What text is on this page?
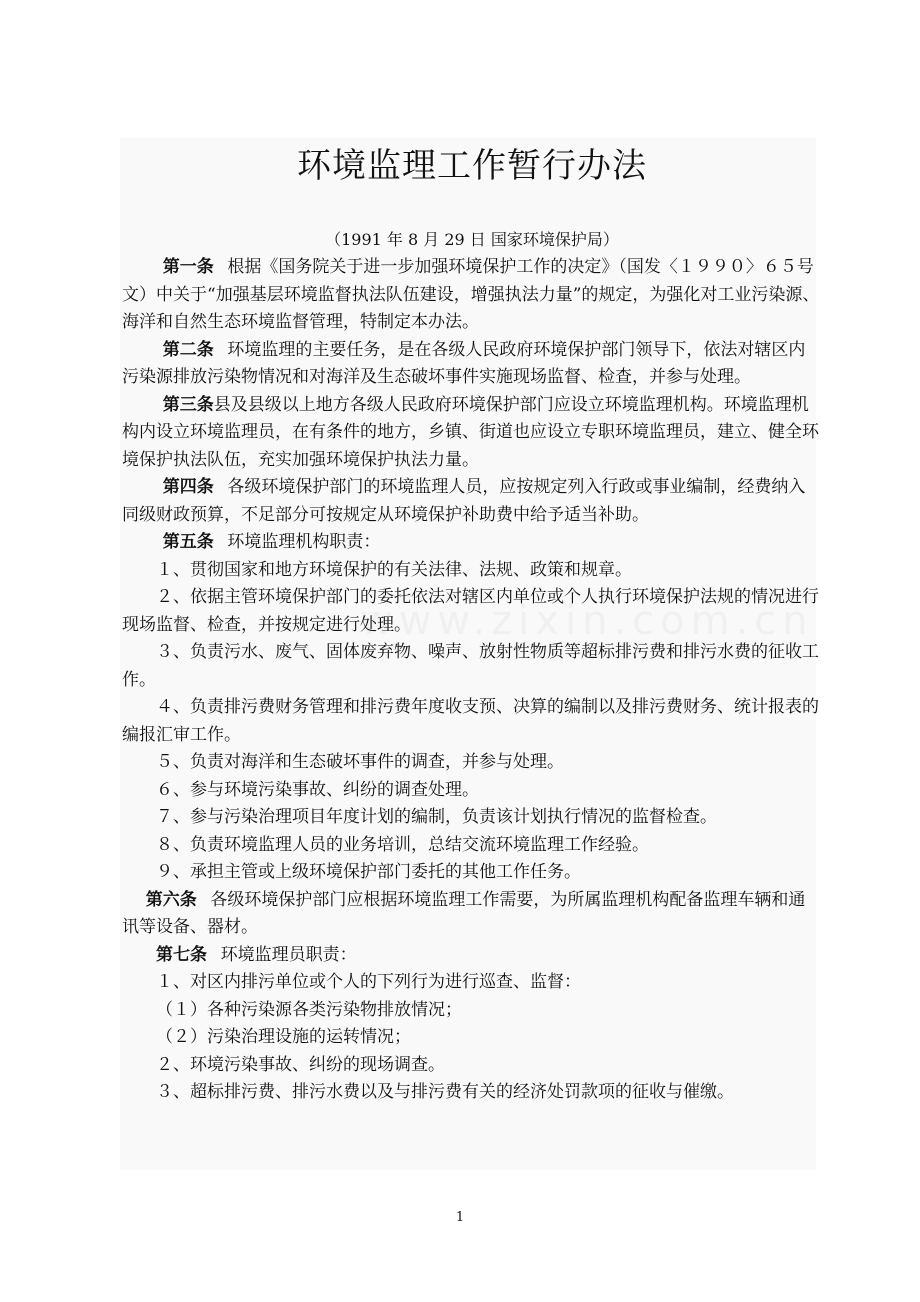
环境监理工作暂行办法
（1991 年 8 月 29 日 国家环境保护局）

第一条 根据《国务院关于进一步加强环境保护工作的决定》（国发〈１９９０〉６５号文）中关于“加强基层环境监督执法队伍建设，增强执法力量”的规定，为强化对工业污染源、海洋和自然生态环境监督管理，特制定本办法。

第二条 环境监理的主要任务，是在各级人民政府环境保护部门领导下，依法对辖区内污染源排放污染物情况和对海洋及生态破坏事件实施现场监督、检查，并参与处理。

第三条县及县级以上地方各级人民政府环境保护部门应设立环境监理机构。环境监理机构内设立环境监理员，在有条件的地方，乡镇、街道也应设立专职环境监理员，建立、健全环境保护执法队伍，充实加强环境保护执法力量。

第四条 各级环境保护部门的环境监理人员，应按规定列入行政或事业编制，经费纳入同级财政预算，不足部分可按规定从环境保护补助费中给予适当补助。

第五条 环境监理机构职责：

１、贯彻国家和地方环境保护的有关法律、法规、政策和规章。

２、依据主管环境保护部门的委托依法对辖区内单位或个人执行环境保护法规的情况进行现场监督、检查，并按规定进行处理。

３、负责污水、废气、固体废弃物、噪声、放射性物质等超标排污费和排污水费的征收工作。

４、负责排污费财务管理和排污费年度收支预、决算的编制以及排污费财务、统计报表的编报汇审工作。

５、负责对海洋和生态破坏事件的调查，并参与处理。

６、参与环境污染事故、纠纷的调查处理。

７、参与污染治理项目年度计划的编制，负责该计划执行情况的监督检查。

８、负责环境监理人员的业务培训，总结交流环境监理工作经验。

９、承担主管或上级环境保护部门委托的其他工作任务。

第六条 各级环境保护部门应根据环境监理工作需要，为所属监理机构配备监理车辆和通讯等设备、器材。

第七条 环境监理员职责：

１、对区内排污单位或个人的下列行为进行巡查、监督：

（１）各种污染源各类污染物排放情况；

（２）污染治理设施的运转情况；

２、环境污染事故、纠纷的现场调查。

３、超标排污费、排污水费以及与排污费有关的经济处罚款项的征收与催缴。

1
